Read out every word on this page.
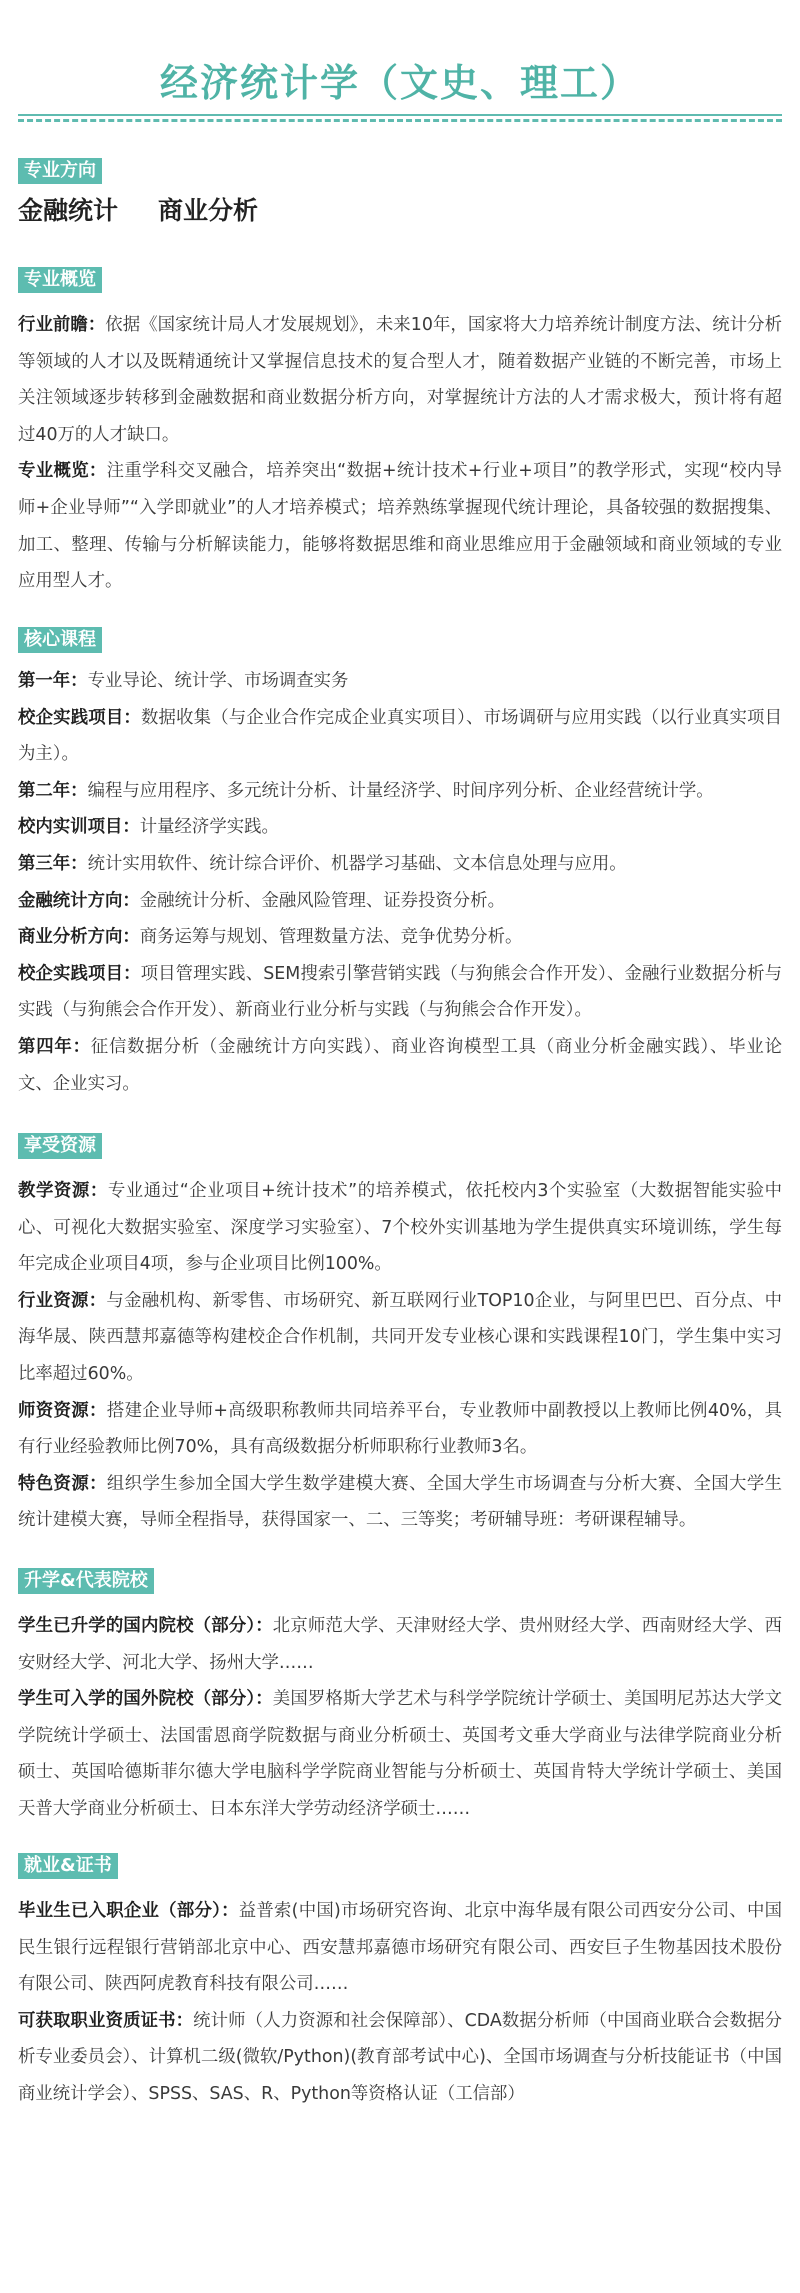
经济统计学（文史、理工）
专业方向
金融统计 商业分析
专业概览

行业前瞻：依据《国家统计局人才发展规划》，未来10年，国家将大力培养统计制度方法、统计分析等领域的人才以及既精通统计又掌握信息技术的复合型人才，随着数据产业链的不断完善，市场上关注领域逐步转移到金融数据和商业数据分析方向，对掌握统计方法的人才需求极大，预计将有超过40万的人才缺口。

专业概览：注重学科交叉融合，培养突出“数据+统计技术+行业+项目”的教学形式，实现“校内导师+企业导师”“入学即就业”的人才培养模式；培养熟练掌握现代统计理论，具备较强的数据搜集、加工、整理、传输与分析解读能力，能够将数据思维和商业思维应用于金融领域和商业领域的专业应用型人才。

核心课程

第一年：专业导论、统计学、市场调查实务

校企实践项目：数据收集（与企业合作完成企业真实项目）、市场调研与应用实践（以行业真实项目为主）。

第二年：编程与应用程序、多元统计分析、计量经济学、时间序列分析、企业经营统计学。

校内实训项目：计量经济学实践。

第三年：统计实用软件、统计综合评价、机器学习基础、文本信息处理与应用。

金融统计方向：金融统计分析、金融风险管理、证券投资分析。

商业分析方向：商务运筹与规划、管理数量方法、竞争优势分析。

校企实践项目：项目管理实践、SEM搜索引擎营销实践（与狗熊会合作开发）、金融行业数据分析与实践（与狗熊会合作开发）、新商业行业分析与实践（与狗熊会合作开发）。

第四年：征信数据分析（金融统计方向实践）、商业咨询模型工具（商业分析金融实践）、毕业论文、企业实习。

享受资源

教学资源：专业通过“企业项目+统计技术”的培养模式，依托校内3个实验室（大数据智能实验中心、可视化大数据实验室、深度学习实验室）、7个校外实训基地为学生提供真实环境训练，学生每年完成企业项目4项，参与企业项目比例100%。

行业资源：与金融机构、新零售、市场研究、新互联网行业TOP10企业，与阿里巴巴、百分点、中海华晟、陕西慧邦嘉德等构建校企合作机制，共同开发专业核心课和实践课程10门，学生集中实习比率超过60%。

师资资源：搭建企业导师+高级职称教师共同培养平台，专业教师中副教授以上教师比例40%，具有行业经验教师比例70%，具有高级数据分析师职称行业教师3名。

特色资源：组织学生参加全国大学生数学建模大赛、全国大学生市场调查与分析大赛、全国大学生统计建模大赛，导师全程指导，获得国家一、二、三等奖；考研辅导班：考研课程辅导。

升学&代表院校

学生已升学的国内院校（部分）：北京师范大学、天津财经大学、贵州财经大学、西南财经大学、西安财经大学、河北大学、扬州大学……

学生可入学的国外院校（部分）：美国罗格斯大学艺术与科学学院统计学硕士、美国明尼苏达大学文学院统计学硕士、法国雷恩商学院数据与商业分析硕士、英国考文垂大学商业与法律学院商业分析硕士、英国哈德斯菲尔德大学电脑科学学院商业智能与分析硕士、英国肯特大学统计学硕士、美国天普大学商业分析硕士、日本东洋大学劳动经济学硕士……

就业&证书

毕业生已入职企业（部分）：益普索(中国)市场研究咨询、北京中海华晟有限公司西安分公司、中国民生银行远程银行营销部北京中心、西安慧邦嘉德市场研究有限公司、西安巨子生物基因技术股份有限公司、陕西阿虎教育科技有限公司……

可获取职业资质证书：统计师（人力资源和社会保障部）、CDA数据分析师（中国商业联合会数据分析专业委员会）、计算机二级(微软/Python)(教育部考试中心)、全国市场调查与分析技能证书（中国商业统计学会）、SPSS、SAS、R、Python等资格认证（工信部）
